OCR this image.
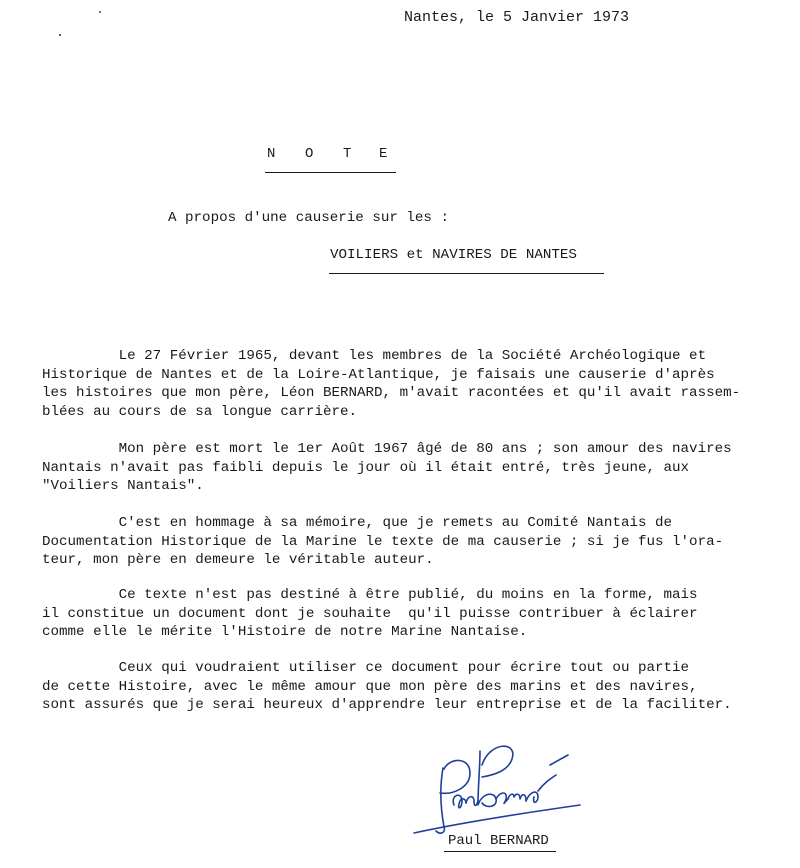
Nantes, le 5 Janvier 1973
N O T E
A propos d'une causerie sur les :
VOILIERS et NAVIRES DE NANTES
Le 27 Février 1965, devant les membres de la Société Archéologique et
Historique de Nantes et de la Loire-Atlantique, je faisais une causerie d'après
les histoires que mon père, Léon BERNARD, m'avait racontées et qu'il avait rassem-
blées au cours de sa longue carrière.
Mon père est mort le 1er Août 1967 âgé de 80 ans ; son amour des navires
Nantais n'avait pas faibli depuis le jour où il était entré, très jeune, aux
"Voiliers Nantais".
C'est en hommage à sa mémoire, que je remets au Comité Nantais de
Documentation Historique de la Marine le texte de ma causerie ; si je fus l'ora-
teur, mon père en demeure le véritable auteur.
Ce texte n'est pas destiné à être publié, du moins en la forme, mais
il constitue un document dont je souhaite  qu'il puisse contribuer à éclairer
comme elle le mérite l'Histoire de notre Marine Nantaise.
Ceux qui voudraient utiliser ce document pour écrire tout ou partie
de cette Histoire, avec le même amour que mon père des marins et des navires,
sont assurés que je serai heureux d'apprendre leur entreprise et de la faciliter.
Paul BERNARD
